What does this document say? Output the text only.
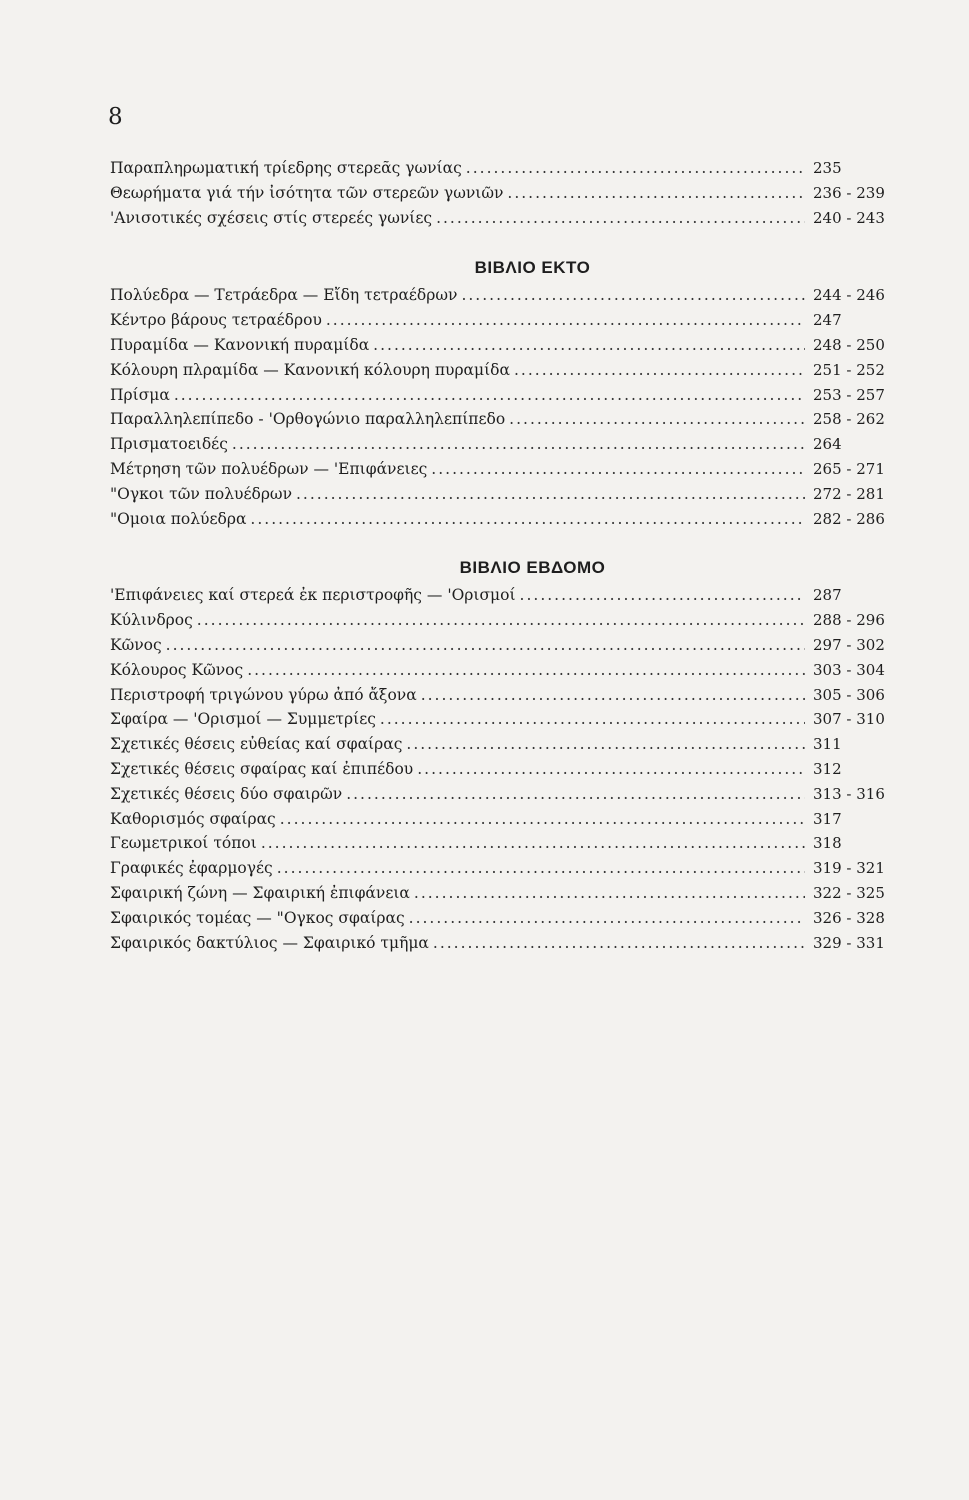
8
Παραπληρωματική τρίεδρης στερεᾶς γωνίας .....	235
Θεωρήματα γιά τήν ἰσότητα τῶν στερεῶν γωνιῶν .....	236 - 239
'Ανισοτικές σχέσεις στίς στερεές γωνίες .....	240 - 243
ΒΙΒΛΙΟ ΕΚΤΟ
Πολύεδρα — Τετράεδρα — Εἴδη τετραέδρων .....	244 - 246
Κέντρο βάρους τετραέδρου .....	247
Πυραμίδα — Κανονική πυραμίδα .....	248 - 250
Κόλουρη πλραμίδα — Κανονική κόλουρη πυραμίδα .....	251 - 252
Πρίσμα .....	253 - 257
Παραλληλεπίπεδο - 'Ορθογώνιο παραλληλεπίπεδο .....	258 - 262
Πρισματοειδές .....	264
Μέτρηση τῶν πολυέδρων — 'Επιφάνειες .....	265 - 271
"Ογκοι τῶν πολυέδρων .....	272 - 281
"Ομοια πολύεδρα .....	282 - 286
ΒΙΒΛΙΟ ΕΒΔΟΜΟ
'Επιφάνειες καί στερεά ἐκ περιστροφῆς — 'Ορισμοί .....	287
Κύλινδρος .....	288 - 296
Κῶνος .....	297 - 302
Κόλουρος Κῶνος .....	303 - 304
Περιστροφή τριγώνου γύρω ἀπό ἄξονα .....	305 - 306
Σφαίρα — 'Ορισμοί — Συμμετρίες .....	307 - 310
Σχετικές θέσεις εὐθείας καί σφαίρας .....	311
Σχετικές θέσεις σφαίρας καί ἐπιπέδου .....	312
Σχετικές θέσεις δύο σφαιρῶν .....	313 - 316
Καθορισμός σφαίρας .....	317
Γεωμετρικοί τόποι .....	318
Γραφικές ἐφαρμογές .....	319 - 321
Σφαιρική ζώνη — Σφαιρική ἐπιφάνεια .....	322 - 325
Σφαιρικός τομέας — "Ογκος σφαίρας .....	326 - 328
Σφαιρικός δακτύλιος — Σφαιρικό τμῆμα .....	329 - 331
